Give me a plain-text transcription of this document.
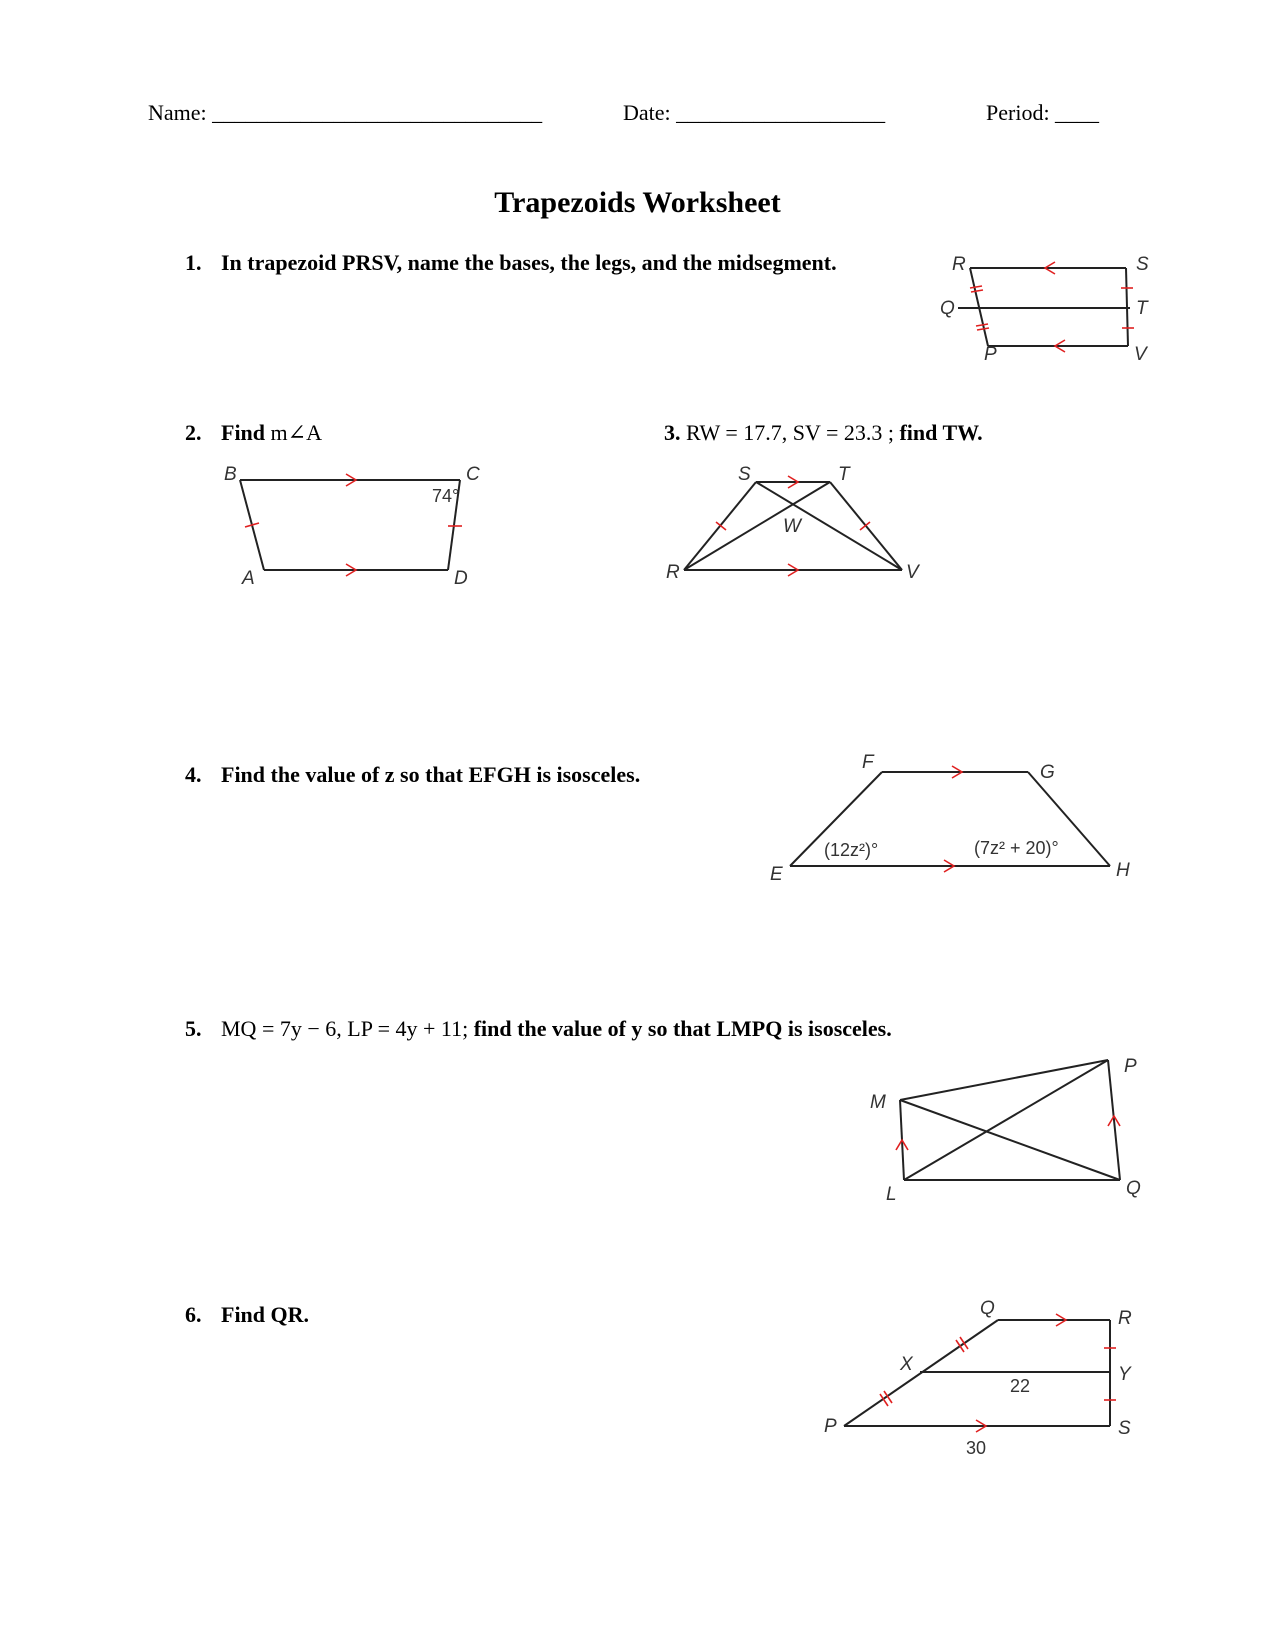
Name: ______________________________	Date: ___________________	Period: ____
Trapezoids Worksheet
1. In trapezoid PRSV, name the bases, the legs, and the midsegment.	R	S
Q	T
P	V
2. Find m∠A
B	C
A	D
74°
3. RW = 17.7, SV = 23.3 ; find TW.
S	T
W
R	V
4. Find the value of z so that EFGH is isosceles.	F	G
E	H
(12z²)°	(7z² + 20)°
5. MQ = 7y − 6, LP = 4y + 11; find the value of y so that LMPQ is isosceles.
M
P
L	Q
6. Find QR.	Q	R
X	Y
P	S
22
30
